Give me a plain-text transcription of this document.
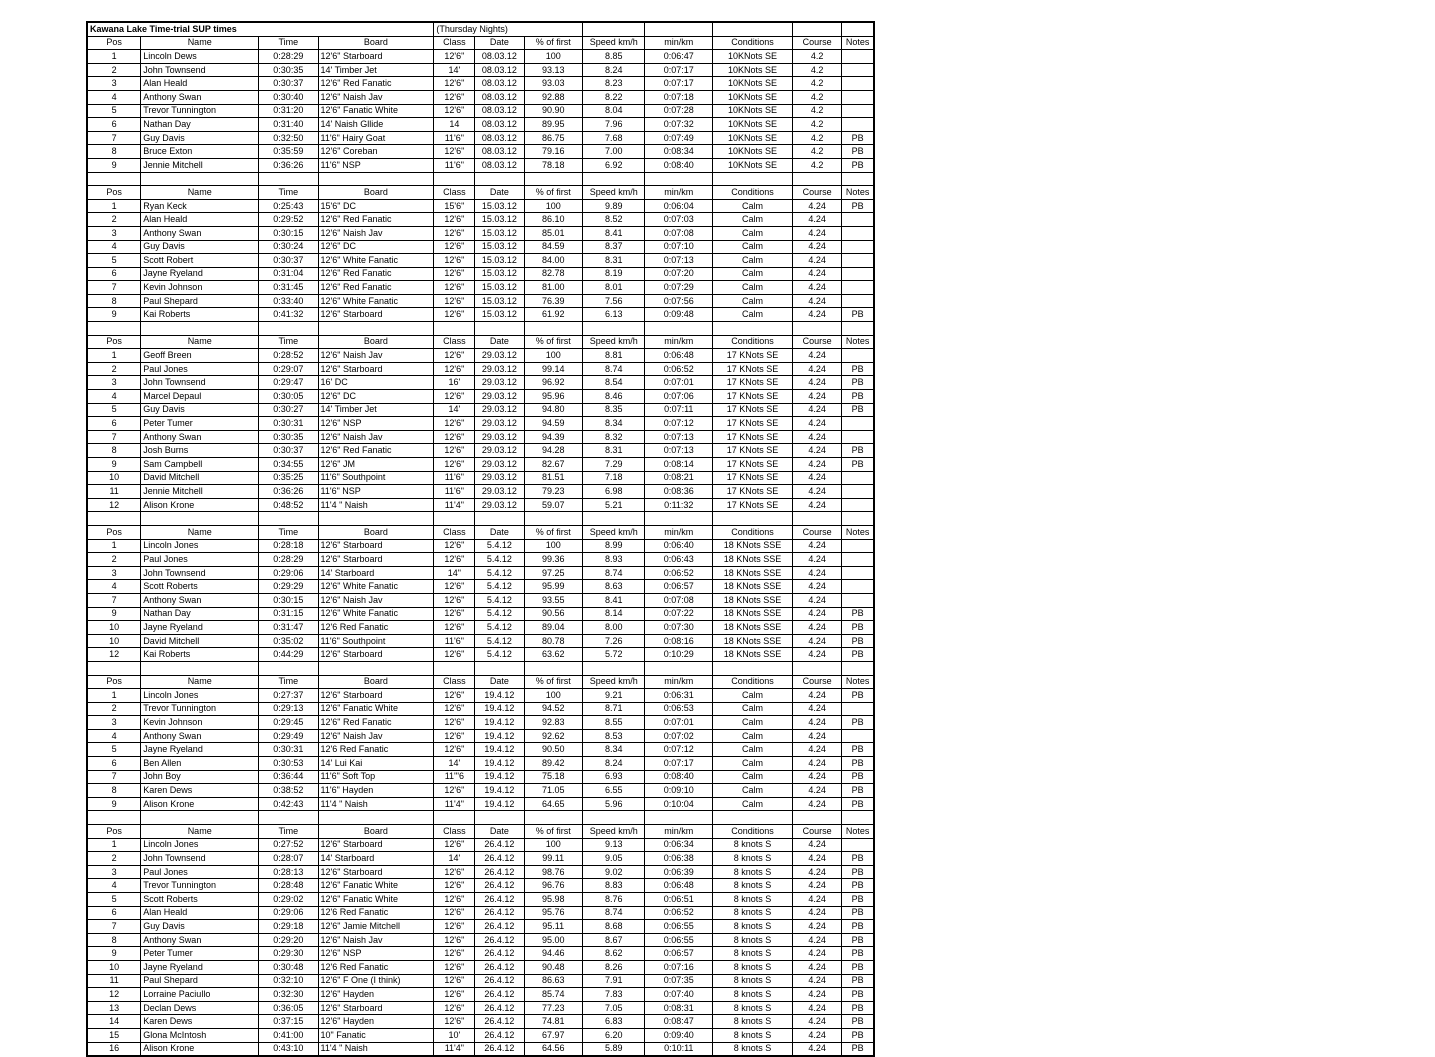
Kawana Lake Time-trial SUP times				(Thursday Nights)							
Pos	Name	Time	Board	Class	Date	% of first	Speed km/h	min/km	Conditions	Course	Notes
1	Lincoln Dews	0:28:29	12'6" Starboard	12'6"	08.03.12	100	8.85	0:06:47	10KNots SE	4.2	
2	John Townsend	0:30:35	14' Timber Jet	14'	08.03.12	93.13	8.24	0:07:17	10KNots SE	4.2	
3	Alan Heald	0:30:37	12'6" Red Fanatic	12'6"	08.03.12	93.03	8.23	0:07:17	10KNots SE	4.2	
4	Anthony Swan	0:30:40	12'6" Naish Jav	12'6"	08.03.12	92.88	8.22	0:07:18	10KNots SE	4.2	
5	Trevor Tunnington	0:31:20	12'6" Fanatic White	12'6"	08.03.12	90.90	8.04	0:07:28	10KNots SE	4.2	
6	Nathan Day	0:31:40	14' Naish Gllide	14	08.03.12	89.95	7.96	0:07:32	10KNots SE	4.2	
7	Guy Davis	0:32:50	11'6" Hairy Goat	11'6"	08.03.12	86.75	7.68	0:07:49	10KNots SE	4.2	PB
8	Bruce Exton	0:35:59	12'6" Coreban	12'6"	08.03.12	79.16	7.00	0:08:34	10KNots SE	4.2	PB
9	Jennie Mitchell	0:36:26	11'6" NSP	11'6"	08.03.12	78.18	6.92	0:08:40	10KNots SE	4.2	PB

Pos	Name	Time	Board	Class	Date	% of first	Speed km/h	min/km	Conditions	Course	Notes
1	Ryan Keck	0:25:43	15'6" DC	15'6"	15.03.12	100	9.89	0:06:04	Calm	4.24	PB
2	Alan Heald	0:29:52	12'6" Red Fanatic	12'6"	15.03.12	86.10	8.52	0:07:03	Calm	4.24	
3	Anthony Swan	0:30:15	12'6" Naish Jav	12'6"	15.03.12	85.01	8.41	0:07:08	Calm	4.24	
4	Guy Davis	0:30:24	12'6" DC	12'6"	15.03.12	84.59	8.37	0:07:10	Calm	4.24	
5	Scott Robert	0:30:37	12'6" White Fanatic	12'6"	15.03.12	84.00	8.31	0:07:13	Calm	4.24	
6	Jayne Ryeland	0:31:04	12'6" Red Fanatic	12'6"	15.03.12	82.78	8.19	0:07:20	Calm	4.24	
7	Kevin Johnson	0:31:45	12'6" Red Fanatic	12'6"	15.03.12	81.00	8.01	0:07:29	Calm	4.24	
8	Paul Shepard	0:33:40	12'6" White Fanatic	12'6"	15.03.12	76.39	7.56	0:07:56	Calm	4.24	
9	Kai Roberts	0:41:32	12'6" Starboard	12'6"	15.03.12	61.92	6.13	0:09:48	Calm	4.24	PB

Pos	Name	Time	Board	Class	Date	% of first	Speed km/h	min/km	Conditions	Course	Notes
1	Geoff Breen	0:28:52	12'6" Naish Jav	12'6"	29.03.12	100	8.81	0:06:48	17 KNots SE	4.24	
2	Paul Jones	0:29:07	12'6" Starboard	12'6"	29.03.12	99.14	8.74	0:06:52	17 KNots SE	4.24	PB
3	John Townsend	0:29:47	16' DC	16'	29.03.12	96.92	8.54	0:07:01	17 KNots SE	4.24	PB
4	Marcel Depaul	0:30:05	12'6" DC	12'6"	29.03.12	95.96	8.46	0:07:06	17 KNots SE	4.24	PB
5	Guy Davis	0:30:27	14' Timber Jet	14'	29.03.12	94.80	8.35	0:07:11	17 KNots SE	4.24	PB
6	Peter Tumer	0:30:31	12'6" NSP	12'6"	29.03.12	94.59	8.34	0:07:12	17 KNots SE	4.24	
7	Anthony Swan	0:30:35	12'6" Naish Jav	12'6"	29.03.12	94.39	8.32	0:07:13	17 KNots SE	4.24	
8	Josh Burns	0:30:37	12'6" Red Fanatic	12'6"	29.03.12	94.28	8.31	0:07:13	17 KNots SE	4.24	PB
9	Sam Campbell	0:34:55	12'6" JM	12'6"	29.03.12	82.67	7.29	0:08:14	17 KNots SE	4.24	PB
10	David Mitchell	0:35:25	11'6" Southpoint	11'6"	29.03.12	81.51	7.18	0:08:21	17 KNots SE	4.24	
11	Jennie Mitchell	0:36:26	11'6" NSP	11'6"	29.03.12	79.23	6.98	0:08:36	17 KNots SE	4.24	
12	Alison Krone	0:48:52	11'4 " Naish	11'4"	29.03.12	59.07	5.21	0:11:32	17 KNots SE	4.24	

Pos	Name	Time	Board	Class	Date	% of first	Speed km/h	min/km	Conditions	Course	Notes
1	Lincoln Jones	0:28:18	12'6" Starboard	12'6"	5.4.12	100	8.99	0:06:40	18 KNots SSE	4.24	
2	Paul Jones	0:28:29	12'6" Starboard	12'6"	5.4.12	99.36	8.93	0:06:43	18 KNots SSE	4.24	
3	John Townsend	0:29:06	14' Starboard	14"	5.4.12	97.25	8.74	0:06:52	18 KNots SSE	4.24	
4	Scott Roberts	0:29:29	12'6" White Fanatic	12'6"	5.4.12	95.99	8.63	0:06:57	18 KNots SSE	4.24	
7	Anthony Swan	0:30:15	12'6" Naish Jav	12'6"	5.4.12	93.55	8.41	0:07:08	18 KNots SSE	4.24	
9	Nathan Day	0:31:15	12'6" White Fanatic	12'6"	5.4.12	90.56	8.14	0:07:22	18 KNots SSE	4.24	PB
10	Jayne Ryeland	0:31:47	12'6 Red Fanatic	12'6"	5.4.12	89.04	8.00	0:07:30	18 KNots SSE	4.24	PB
10	David Mitchell	0:35:02	11'6" Southpoint	11'6"	5.4.12	80.78	7.26	0:08:16	18 KNots SSE	4.24	PB
12	Kai Roberts	0:44:29	12'6" Starboard	12'6"	5.4.12	63.62	5.72	0:10:29	18 KNots SSE	4.24	PB

Pos	Name	Time	Board	Class	Date	% of first	Speed km/h	min/km	Conditions	Course	Notes
1	Lincoln Jones	0:27:37	12'6" Starboard	12'6"	19.4.12	100	9.21	0:06:31	Calm	4.24	PB
2	Trevor Tunnington	0:29:13	12'6" Fanatic White	12'6"	19.4.12	94.52	8.71	0:06:53	Calm	4.24	
3	Kevin Johnson	0:29:45	12'6" Red Fanatic	12'6"	19.4.12	92.83	8.55	0:07:01	Calm	4.24	PB
4	Anthony Swan	0:29:49	12'6" Naish Jav	12'6"	19.4.12	92.62	8.53	0:07:02	Calm	4.24	
5	Jayne Ryeland	0:30:31	12'6 Red Fanatic	12'6"	19.4.12	90.50	8.34	0:07:12	Calm	4.24	PB
6	Ben Allen	0:30:53	14' Lui Kai	14'	19.4.12	89.42	8.24	0:07:17	Calm	4.24	PB
7	John Boy	0:36:44	11'6" Soft Top	11'"6	19.4.12	75.18	6.93	0:08:40	Calm	4.24	PB
8	Karen Dews	0:38:52	11'6" Hayden	12'6"	19.4.12	71.05	6.55	0:09:10	Calm	4.24	PB
9	Alison Krone	0:42:43	11'4 " Naish	11'4"	19.4.12	64.65	5.96	0:10:04	Calm	4.24	PB

Pos	Name	Time	Board	Class	Date	% of first	Speed km/h	min/km	Conditions	Course	Notes
1	Lincoln Jones	0:27:52	12'6" Starboard	12'6"	26.4.12	100	9.13	0:06:34	8 knots S	4.24	
2	John Townsend	0:28:07	14' Starboard	14'	26.4.12	99.11	9.05	0:06:38	8 knots S	4.24	PB
3	Paul Jones	0:28:13	12'6" Starboard	12'6"	26.4.12	98.76	9.02	0:06:39	8 knots S	4.24	PB
4	Trevor Tunnington	0:28:48	12'6" Fanatic White	12'6"	26.4.12	96.76	8.83	0:06:48	8 knots S	4.24	PB
5	Scott Roberts	0:29:02	12'6" Fanatic White	12'6"	26.4.12	95.98	8.76	0:06:51	8 knots S	4.24	PB
6	Alan Heald	0:29:06	12'6 Red Fanatic	12'6"	26.4.12	95.76	8.74	0:06:52	8 knots S	4.24	PB
7	Guy Davis	0:29:18	12'6" Jamie Mitchell	12'6"	26.4.12	95.11	8.68	0:06:55	8 knots S	4.24	PB
8	Anthony Swan	0:29:20	12'6" Naish Jav	12'6"	26.4.12	95.00	8.67	0:06:55	8 knots S	4.24	PB
9	Peter Tumer	0:29:30	12'6" NSP	12'6"	26.4.12	94.46	8.62	0:06:57	8 knots S	4.24	PB
10	Jayne Ryeland	0:30:48	12'6 Red Fanatic	12'6"	26.4.12	90.48	8.26	0:07:16	8 knots S	4.24	PB
11	Paul Shepard	0:32:10	12'6" F One (I think)	12'6"	26.4.12	86.63	7.91	0:07:35	8 knots S	4.24	PB
12	Lorraine Paciullo	0:32:30	12'6" Hayden	12'6"	26.4.12	85.74	7.83	0:07:40	8 knots S	4.24	PB
13	Declan Dews	0:36:05	12'6" Starboard	12'6"	26.4.12	77.23	7.05	0:08:31	8 knots S	4.24	PB
14	Karen Dews	0:37:15	12'6" Hayden	12'6"	26.4.12	74.81	6.83	0:08:47	8 knots S	4.24	PB
15	Glona McIntosh	0:41:00	10" Fanatic	10'	26.4.12	67.97	6.20	0:09:40	8 knots S	4.24	PB
16	Alison Krone	0:43:10	11'4 " Naish	11'4"	26.4.12	64.56	5.89	0:10:11	8 knots S	4.24	PB
